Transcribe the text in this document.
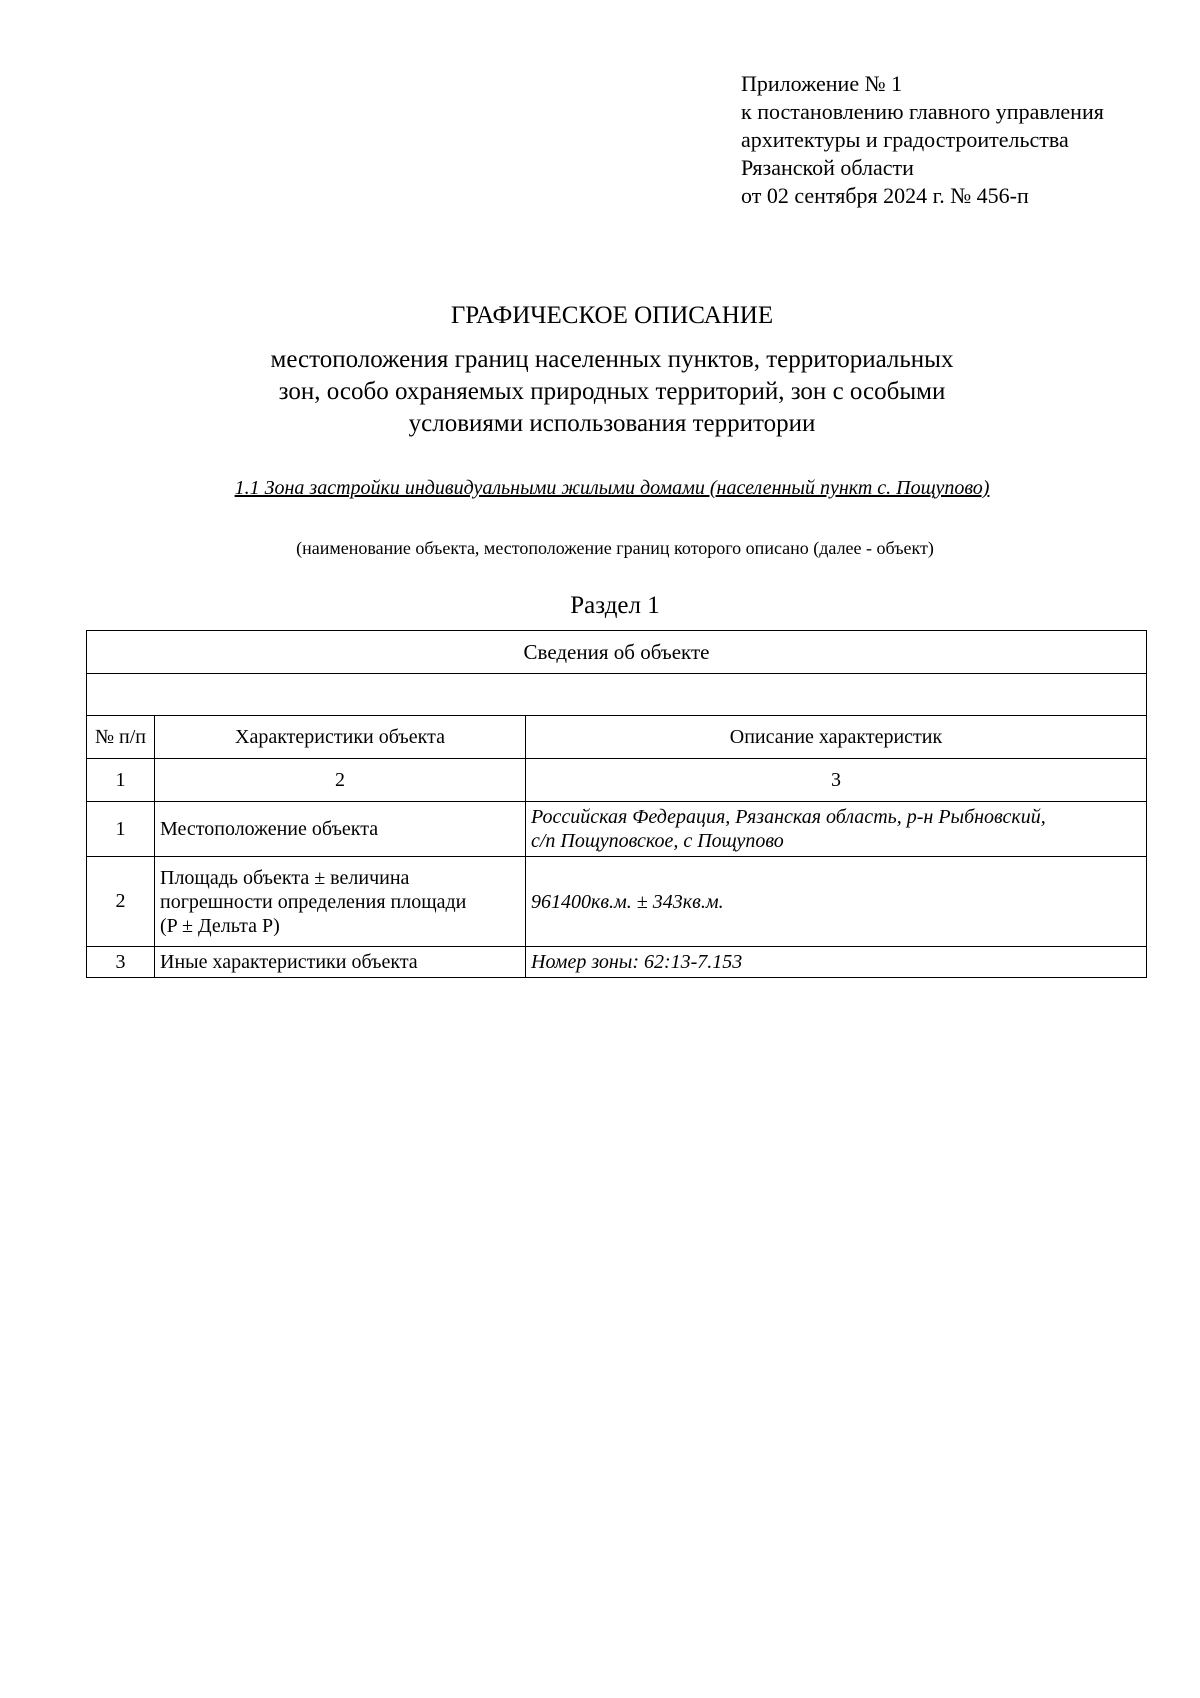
Приложение № 1
к постановлению главного управления
архитектуры и градостроительства
Рязанской области
от 02 сентября 2024 г. № 456-п
ГРАФИЧЕСКОЕ ОПИСАНИЕ
местоположения границ населенных пунктов, территориальных
зон, особо охраняемых природных территорий, зон с особыми
условиями использования территории
1.1 Зона застройки индивидуальными жилыми домами (населенный пункт с. Пощупово)
(наименование объекта, местоположение границ которого описано (далее - объект)
Раздел 1
Сведения об объекте		

№ п/п	Характеристики объекта	Описание характеристик
1	2	3
1	Местоположение объекта	Российская Федерация, Рязанская область, р-н Рыбновский,
с/п Пощуповское, с Пощупово

2	Площадь объекта ± величина
погрешности определения площади
(P ± Дельта P)	961400кв.м. ± 343кв.м.
3	Иные характеристики объекта	Номер зоны: 62:13-7.153
